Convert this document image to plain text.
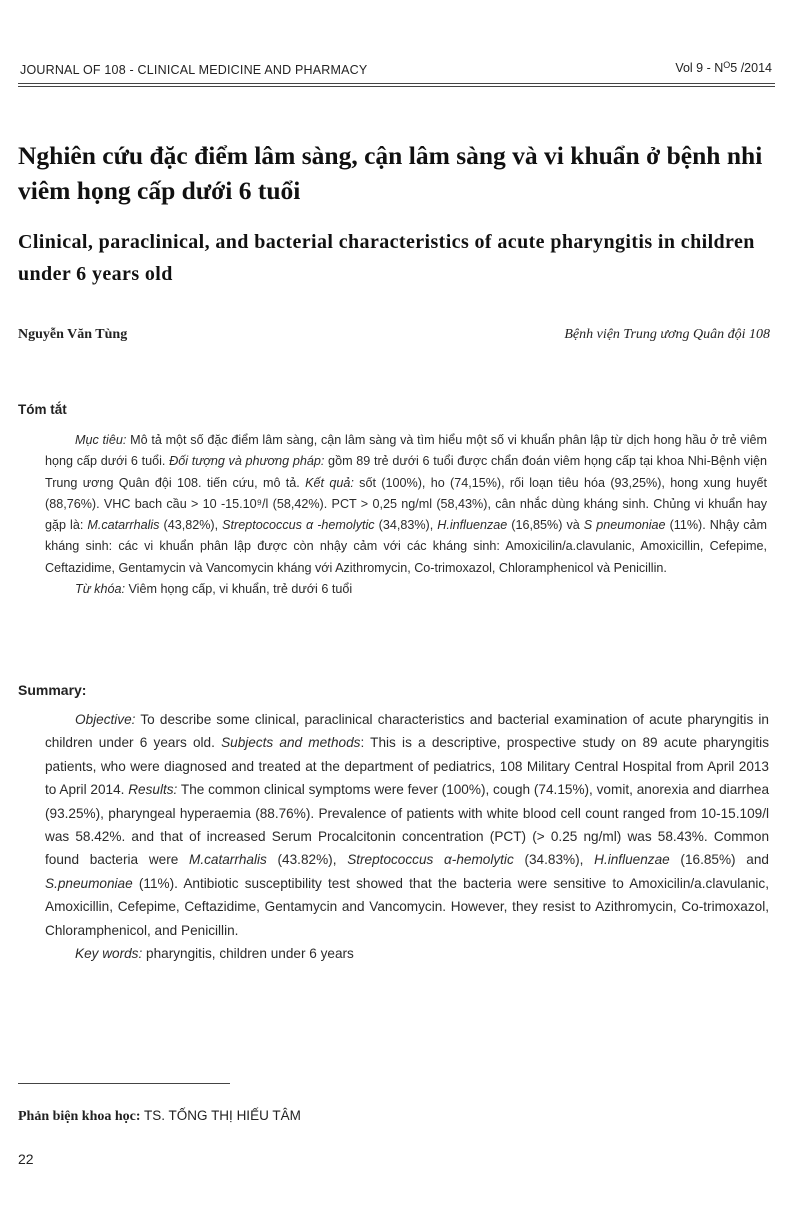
JOURNAL OF 108 - CLINICAL MEDICINE AND PHARMACY	Vol $9 - N^O5$ /2014
Nghiên cứu đặc điểm lâm sàng, cận lâm sàng và vi khuẩn ở bệnh nhi viêm họng cấp dưới 6 tuổi
Clinical, paraclinical, and bacterial characteristics of acute pharyngitis in children under 6 years old
Nguyễn Văn Tùng	Bệnh viện Trung ương Quân đội 108
Tóm tắt
Mục tiêu: Mô tả một số đặc điểm lâm sàng, cận lâm sàng và tìm hiểu một số vi khuẩn phân lập từ dịch hong hầu ở trẻ viêm họng cấp dưới 6 tuổi. Đối tượng và phương pháp: gồm 89 trẻ dưới 6 tuổi được chẩn đoán viêm họng cấp tại khoa Nhi-Bệnh viện Trung ương Quân đội 108. tiến cứu, mô tả. Kết quả: sốt (100%), ho (74,15%), rối loạn tiêu hóa (93,25%), hong xung huyết (88,76%). VHC bach cầu > 10 -15.10⁹/l (58,42%). PCT > 0,25 ng/ml (58,43%), cân nhắc dùng kháng sinh. Chủng vi khuẩn hay gặp là: M.catarrhalis (43,82%), Streptococcus α -hemolytic (34,83%), H.influenzae (16,85%) và S pneumoniae (11%). Nhậy cảm kháng sinh: các vi khuẩn phân lập được còn nhậy cảm với các kháng sinh: Amoxicilin/a.clavulanic, Amoxicillin, Cefepime, Ceftazidime, Gentamycin và Vancomycin kháng với Azithromycin, Co-trimoxazol, Chloramphenicol và Penicillin.
Từ khóa: Viêm họng cấp, vi khuẩn, trẻ dưới 6 tuổi
Summary:
Objective: To describe some clinical, paraclinical characteristics and bacterial examination of acute pharyngitis in children under 6 years old. Subjects and methods: This is a descriptive, prospective study on 89 acute pharyngitis patients, who were diagnosed and treated at the department of pediatrics, 108 Military Central Hospital from April 2013 to April 2014. Results: The common clinical symptoms were fever (100%), cough (74.15%), vomit, anorexia and diarrhea (93.25%), pharyngeal hyperaemia (88.76%). Prevalence of patients with white blood cell count ranged from 10-15.109/l was 58.42%. and that of increased Serum Procalcitonin concentration (PCT) (> 0.25 ng/ml) was 58.43%. Common found bacteria were M.catarrhalis (43.82%), Streptococcus α-hemolytic (34.83%), H.influenzae (16.85%) and S.pneumoniae (11%). Antibiotic susceptibility test showed that the bacteria were sensitive to Amoxicilin/a.clavulanic, Amoxicillin, Cefepime, Ceftazidime, Gentamycin and Vancomycin. However, they resist to Azithromycin, Co-trimoxazol, Chloramphenicol, and Penicillin.
Key words: pharyngitis, children under 6 years
Phản biện khoa học: TS. TỐNG THỊ HIẾU TÂM
22
